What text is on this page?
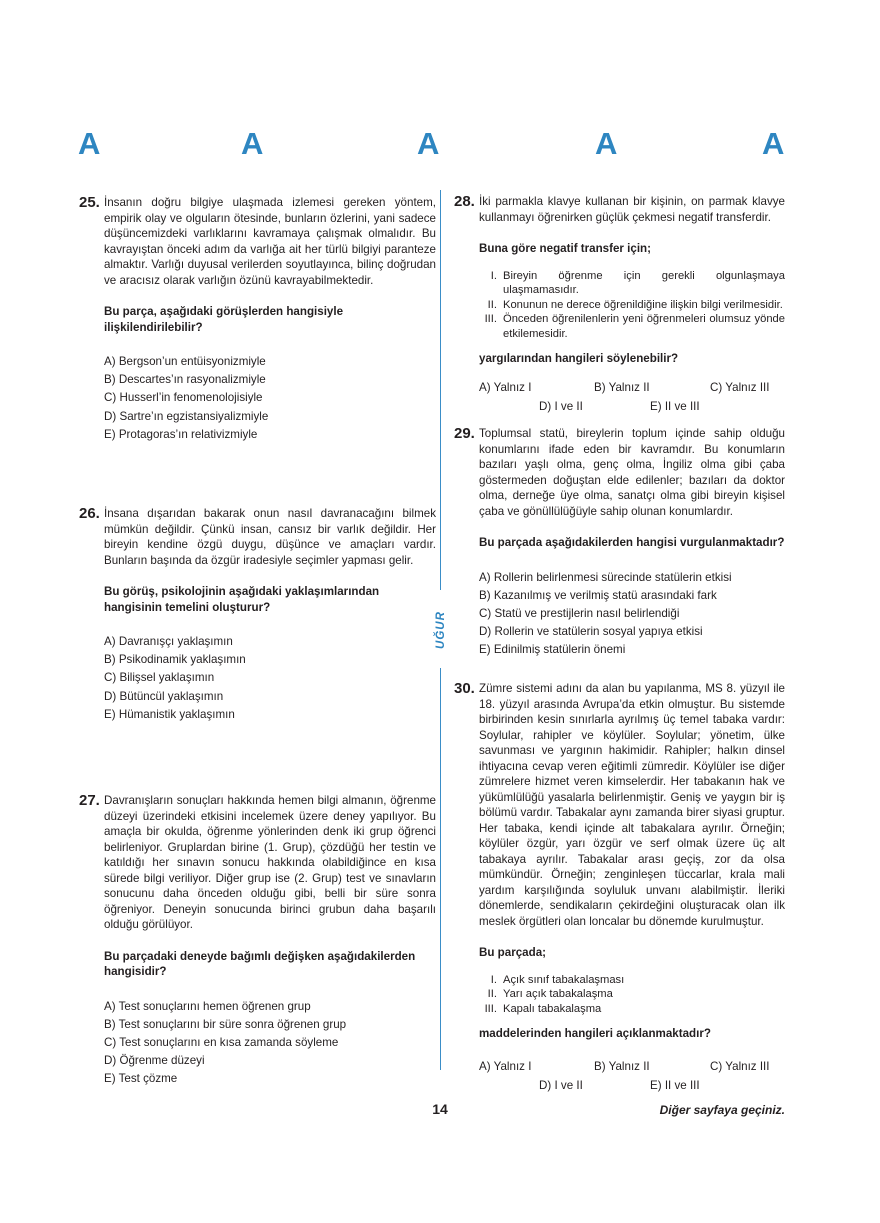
A	A	A	A	A
UĞUR
25. İnsanın doğru bilgiye ulaşmada izlemesi gereken yöntem, empirik olay ve olguların ötesinde, bunların özlerini, yani sadece düşüncemizdeki varlıklarını kavramaya çalışmak olmalıdır. Bu kavrayıştan önceki adım da varlığa ait her türlü bilgiyi paranteze almaktır. Varlığı duyusal verilerden soyutlayınca, bilinç doğrudan ve aracısız olarak varlığın özünü kavrayabilmektedir.

Bu parça, aşağıdaki görüşlerden hangisiyle ilişkilendirilebilir?

A) Bergson’un entüisyonizmiyle
B) Descartes’ın rasyonalizmiyle
C) Husserl’in fenomenolojisiyle
D) Sartre’ın egzistansiyalizmiyle
E) Protagoras’ın relativizmiyle
26. İnsana dışarıdan bakarak onun nasıl davranacağını bilmek mümkün değildir. Çünkü insan, cansız bir varlık değildir. Her bireyin kendine özgü duygu, düşünce ve amaçları vardır. Bunların başında da özgür iradesiyle seçimler yapması gelir.

Bu görüş, psikolojinin aşağıdaki yaklaşımlarından hangisinin temelini oluşturur?

A) Davranışçı yaklaşımın
B) Psikodinamik yaklaşımın
C) Bilişsel yaklaşımın
D) Bütüncül yaklaşımın
E) Hümanistik yaklaşımın
27. Davranışların sonuçları hakkında hemen bilgi almanın, öğrenme düzeyi üzerindeki etkisini incelemek üzere deney yapılıyor. Bu amaçla bir okulda, öğrenme yönlerinden denk iki grup öğrenci belirleniyor. Gruplardan birine (1. Grup), çözdüğü her testin ve katıldığı her sınavın sonucu hakkında olabildiğince en kısa sürede bilgi veriliyor. Diğer grup ise (2. Grup) test ve sınavların sonucunu daha önceden olduğu gibi, belli bir süre sonra öğreniyor. Deneyin sonucunda birinci grubun daha başarılı olduğu görülüyor.

Bu parçadaki deneyde bağımlı değişken aşağıdakilerden hangisidir?

A) Test sonuçlarını hemen öğrenen grup
B) Test sonuçlarını bir süre sonra öğrenen grup
C) Test sonuçlarını en kısa zamanda söyleme
D) Öğrenme düzeyi
E) Test çözme
28. İki parmakla klavye kullanan bir kişinin, on parmak klavye kullanmayı öğrenirken güçlük çekmesi negatif transferdir.

Buna göre negatif transfer için;

I. Bireyin öğrenme için gerekli olgunlaşmaya ulaşmamasıdır.
II. Konunun ne derece öğrenildiğine ilişkin bilgi verilmesidir.
III. Önceden öğrenilenlerin yeni öğrenmeleri olumsuz yönde etkilemesidir.

yargılarından hangileri söylenebilir?

A) Yalnız I	B) Yalnız II	C) Yalnız III
D) I ve II	E) II ve III
29. Toplumsal statü, bireylerin toplum içinde sahip olduğu konumlarını ifade eden bir kavramdır. Bu konumların bazıları yaşlı olma, genç olma, İngiliz olma gibi çaba göstermeden doğuştan elde edilenler; bazıları da doktor olma, derneğe üye olma, sanatçı olma gibi bireyin kişisel çaba ve gönüllülüğüyle sahip olunan konumlardır.

Bu parçada aşağıdakilerden hangisi vurgulanmaktadır?

A) Rollerin belirlenmesi sürecinde statülerin etkisi
B) Kazanılmış ve verilmiş statü arasındaki fark
C) Statü ve prestijlerin nasıl belirlendiği
D) Rollerin ve statülerin sosyal yapıya etkisi
E) Edinilmiş statülerin önemi
30. Zümre sistemi adını da alan bu yapılanma, MS 8. yüzyıl ile 18. yüzyıl arasında Avrupa’da etkin olmuştur. Bu sistemde birbirinden kesin sınırlarla ayrılmış üç temel tabaka vardır: Soylular, rahipler ve köylüler. Soylular; yönetim, ülke savunması ve yargının hakimidir. Rahipler; halkın dinsel ihtiyacına cevap veren eğitimli zümredir. Köylüler ise diğer zümrelere hizmet veren kimselerdir. Her tabakanın hak ve yükümlülüğü yasalarla belirlenmiştir. Geniş ve yaygın bir iş bölümü vardır. Tabakalar aynı zamanda birer siyasi gruptur. Her tabaka, kendi içinde alt tabakalara ayrılır. Örneğin; köylüler özgür, yarı özgür ve serf olmak üzere üç alt tabakaya ayrılır. Tabakalar arası geçiş, zor da olsa mümkündür. Örneğin; zenginleşen tüccarlar, krala mali yardım karşılığında soyluluk unvanı alabilmiştir. İleriki dönemlerde, sendikaların çekirdeğini oluşturacak olan ilk meslek örgütleri olan loncalar bu dönemde kurulmuştur.

Bu parçada;

I. Açık sınıf tabakalaşması
II. Yarı açık tabakalaşma
III. Kapalı tabakalaşma

maddelerinden hangileri açıklanmaktadır?

A) Yalnız I	B) Yalnız II	C) Yalnız III
D) I ve II	E) II ve III
14	Diğer sayfaya geçiniz.
